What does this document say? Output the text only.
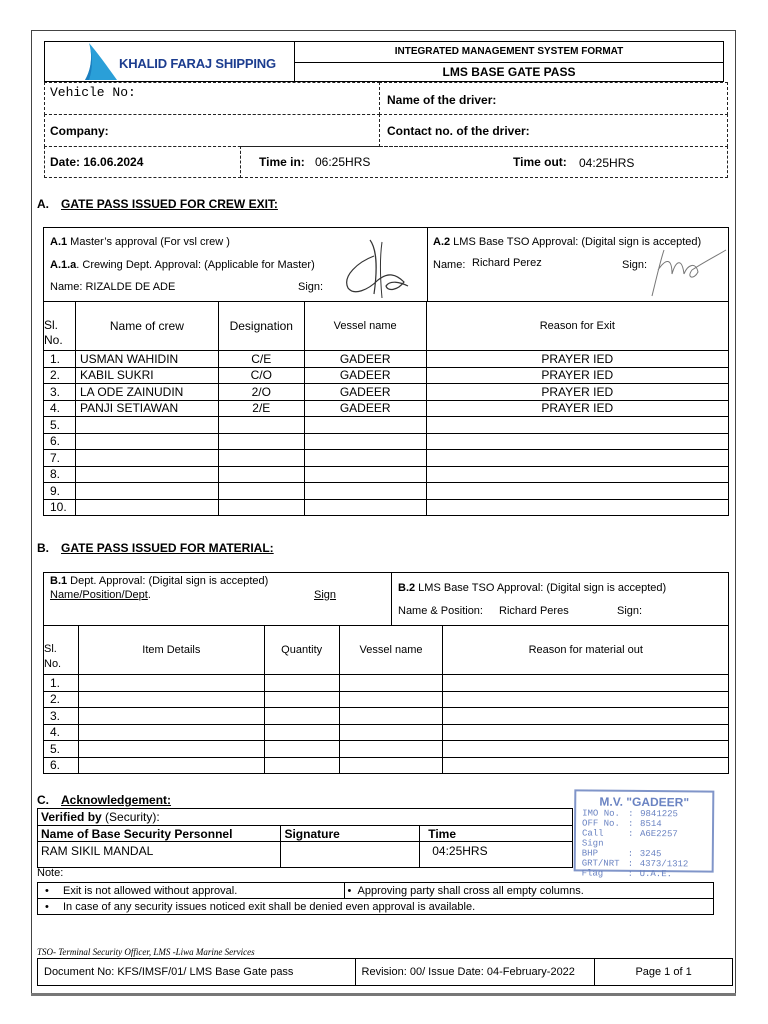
KHALID FARAJ SHIPPING
INTEGRATED MANAGEMENT SYSTEM FORMAT
LMS BASE GATE PASS
Vehicle No:	Name of the driver:
Company:	Contact no. of the driver:
Date: 16.06.2024	Time in: 06:25HRS	Time out: 04:25HRS
A. GATE PASS ISSUED FOR CREW EXIT:
A.1 Master’s approval (For vsl crew )
A.1.a. Crewing Dept. Approval: (Applicable for Master)
Name: RIZALDE DE ADE	Sign:
A.2 LMS Base TSO Approval: (Digital sign is accepted)
Name: Richard Perez	Sign:
Sl. No.	Name of crew	Designation	Vessel name	Reason for Exit
1.	USMAN WAHIDIN	C/E	GADEER	PRAYER IED
2.	KABIL SUKRI	C/O	GADEER	PRAYER IED
3.	LA ODE ZAINUDIN	2/O	GADEER	PRAYER IED
4.	PANJI SETIAWAN	2/E	GADEER	PRAYER IED
5.				
6.				
7.				
8.				
9.				
10.				
B. GATE PASS ISSUED FOR MATERIAL:
B.1 Dept. Approval: (Digital sign is accepted)
Name/Position/Dept.	Sign
B.2 LMS Base TSO Approval: (Digital sign is accepted)
Name & Position: Richard Peres	Sign:
Sl. No.	Item Details	Quantity	Vessel name	Reason for material out
1.				
2.				
3.				
4.				
5.				
6.				
C. Acknowledgement:
Verified by (Security):		
Name of Base Security Personnel	Signature	Time
RAM SIKIL MANDAL		04:25HRS
M.V. "GADEER"
IMO No. : 9841225
OFF No. : 8514
Call Sign
: A6E2257
BHP	: 3245
GRT/NRT : 4373/1312
Flag	: U.A.E.
Note:
• Exit is not allowed without approval.	• Approving party shall cross all empty columns.
• In case of any security issues noticed exit shall be denied even approval is available.
TSO- Terminal Security Officer, LMS -Liwa Marine Services
Document No: KFS/IMSF/01/ LMS Base Gate pass	Revision: 00/ Issue Date: 04-February-2022	Page 1 of 1
